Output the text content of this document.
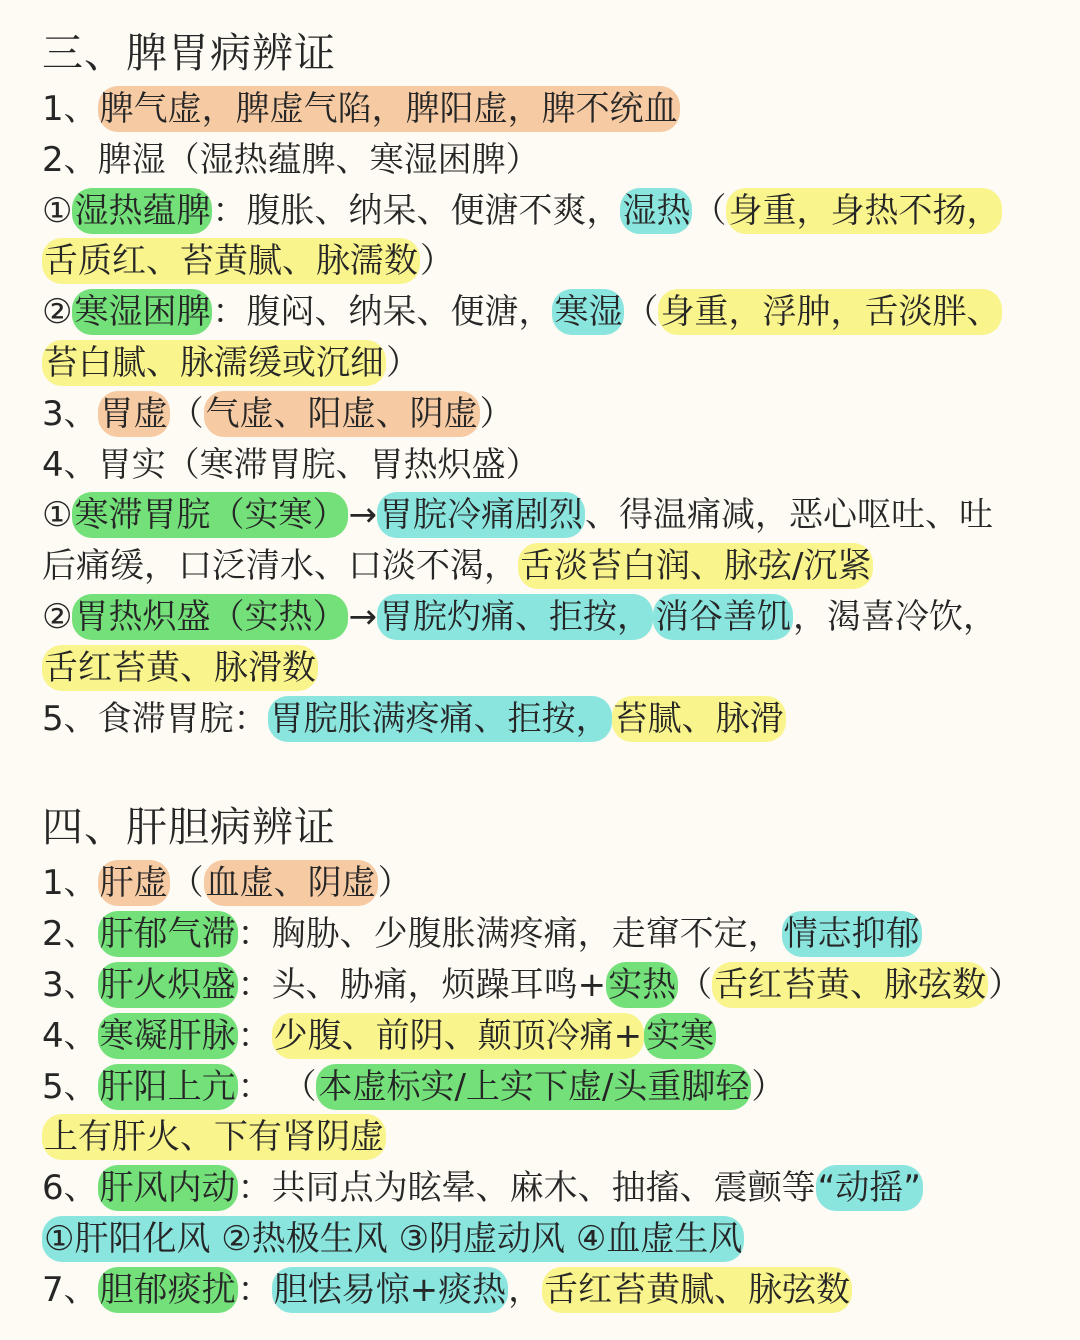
三、脾胃病辨证
1、脾气虚，脾虚气陷，脾阳虚，脾不统血
2、脾湿（湿热蕴脾、寒湿困脾）
①湿热蕴脾：腹胀、纳呆、便溏不爽，湿热（身重，身热不扬，
舌质红、苔黄腻、脉濡数）
②寒湿困脾：腹闷、纳呆、便溏，寒湿（身重，浮肿，舌淡胖、
苔白腻、脉濡缓或沉细）
3、胃虚（气虚、阳虚、阴虚）
4、胃实（寒滞胃脘、胃热炽盛）
①寒滞胃脘（实寒）→胃脘冷痛剧烈、得温痛减，恶心呕吐、吐
后痛缓，口泛清水、口淡不渴，舌淡苔白润、脉弦/沉紧
②胃热炽盛（实热）→胃脘灼痛、拒按， 消谷善饥，渴喜冷饮，
舌红苔黄、脉滑数
5、食滞胃脘：胃脘胀满疼痛、拒按， 苔腻、脉滑
四、肝胆病辨证
1、肝虚（血虚、阴虚）
2、肝郁气滞：胸胁、少腹胀满疼痛，走窜不定，情志抑郁
3、肝火炽盛：头、胁痛，烦躁耳鸣+实热（舌红苔黄、脉弦数）
4、寒凝肝脉：少腹、前阴、颠顶冷痛+ 实寒
5、肝阳上亢： （本虚标实/上实下虚/头重脚轻）
上有肝火、下有肾阴虚
6、肝风内动：共同点为眩晕、麻木、抽搐、震颤等“动摇”
①肝阳化风 ②热极生风 ③阴虚动风 ④血虚生风
7、胆郁痰扰：胆怯易惊+痰热，舌红苔黄腻、脉弦数
